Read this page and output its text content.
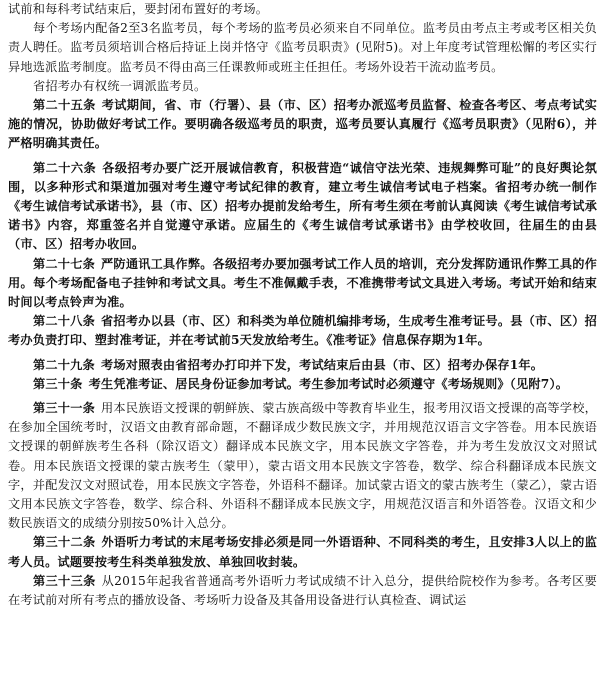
试前和每科考试结束后，要封闭布置好的考场。

每个考场内配备2至3名监考员，每个考场的监考员必须来自不同单位。监考员由考点主考或考区相关负责人聘任。监考员须培训合格后持证上岗并恪守《监考员职责》(见附5)。对上年度考试管理松懈的考区实行异地选派监考制度。监考员不得由高三任课教师或班主任担任。考场外设若干流动监考员。

省招考办有权统一调派监考员。

第二十五条 考试期间，省、市（行署）、县（市、区）招考办派巡考员监督、检查各考区、考点考试实施的情况，协助做好考试工作。要明确各级巡考员的职责，巡考员要认真履行《巡考员职责》（见附6），并严格明确其责任。

第二十六条 各级招考办要广泛开展诚信教育，积极营造“诚信守法光荣、违规舞弊可耻”的良好舆论氛围，以多种形式和渠道加强对考生遵守考试纪律的教育，建立考生诚信考试电子档案。省招考办统一制作《考生诚信考试承诺书》，县（市、区）招考办提前发给考生，所有考生须在考前认真阅读《考生诚信考试承诺书》内容，郑重签名并自觉遵守承诺。应届生的《考生诚信考试承诺书》由学校收回，往届生的由县（市、区）招考办收回。

第二十七条 严防通讯工具作弊。各级招考办要加强考试工作人员的培训，充分发挥防通讯作弊工具的作用。每个考场配备电子挂钟和考试文具。考生不准佩戴手表，不准携带考试文具进入考场。考试开始和结束时间以考点铃声为准。

第二十八条 省招考办以县（市、区）和科类为单位随机编排考场，生成考生准考证号。县（市、区）招考办负责打印、塑封准考证，并在考试前5天发放给考生。《准考证》信息保存期为1年。

第二十九条 考场对照表由省招考办打印并下发，考试结束后由县（市、区）招考办保存1年。

第三十条 考生凭准考证、居民身份证参加考试。考生参加考试时必须遵守《考场规则》（见附7）。

第三十一条 用本民族语文授课的朝鲜族、蒙古族高级中等教育毕业生，报考用汉语文授课的高等学校，在参加全国统考时，汉语文由教育部命题，不翻译成少数民族文字，并用规范汉语言文字答卷。用本民族语文授课的朝鲜族考生各科（除汉语文）翻译成本民族文字，用本民族文字答卷，并为考生发放汉文对照试卷。用本民族语文授课的蒙古族考生（蒙甲），蒙古语文用本民族文字答卷，数学、综合科翻译成本民族文字，并配发汉文对照试卷，用本民族文字答卷，外语科不翻译。加试蒙古语文的蒙古族考生（蒙乙），蒙古语文用本民族文字答卷，数学、综合科、外语科不翻译成本民族文字，用规范汉语言和外语答卷。汉语文和少数民族语文的成绩分别按50%计入总分。

第三十二条 外语听力考试的末尾考场安排必须是同一外语语种、不同科类的考生，且安排3人以上的监考人员。试题要按考生科类单独发放、单独回收封装。

第三十三条 从2015年起我省普通高考外语听力考试成绩不计入总分，提供给院校作为参考。各考区要在考试前对所有考点的播放设备、考场听力设备及其备用设备进行认真检查、调试运
